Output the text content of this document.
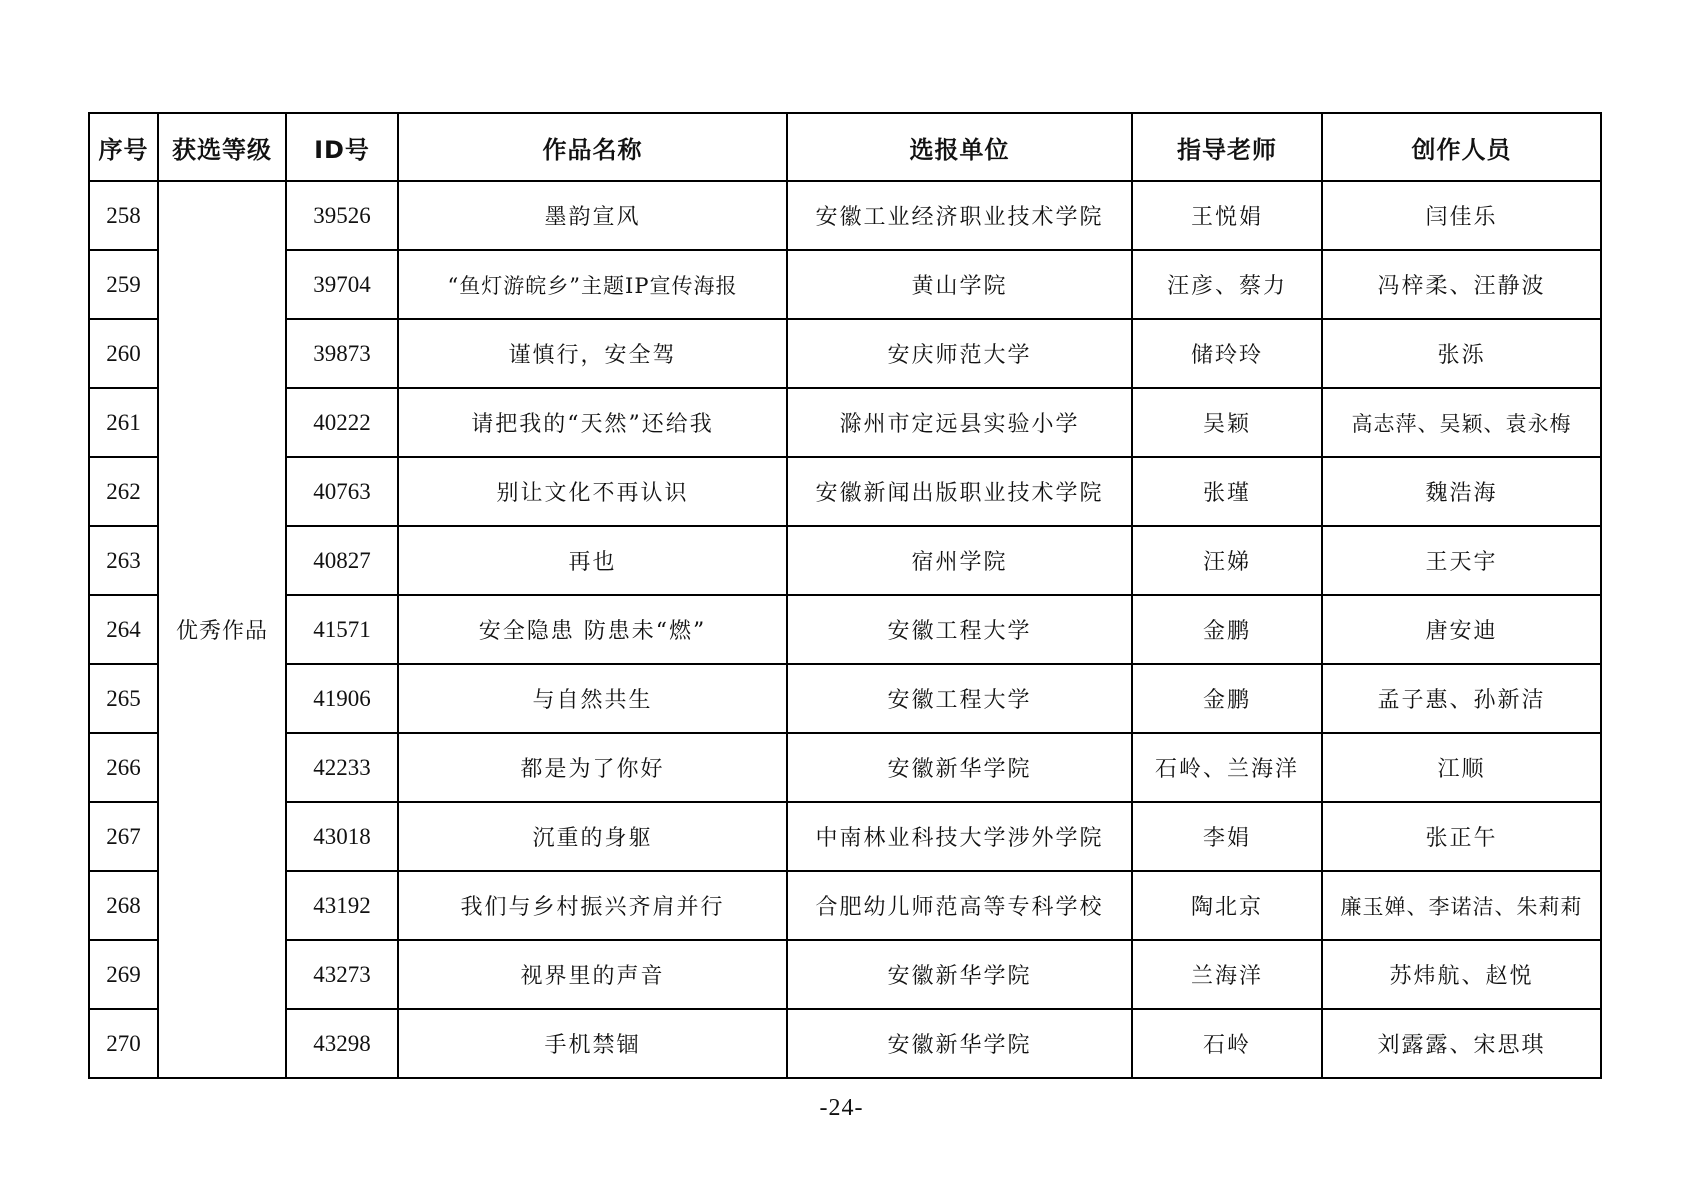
序号	获选等级	ID号	作品名称	选报单位	指导老师	创作人员
258	优秀作品	39526	墨韵宣风	安徽工业经济职业技术学院	王悦娟	闫佳乐
259		39704	“鱼灯游皖乡”主题IP宣传海报	黄山学院	汪彦、蔡力	冯梓柔、汪静波
260		39873	谨慎行，安全驾	安庆师范大学	储玲玲	张泺
261		40222	请把我的“天然”还给我	滁州市定远县实验小学	吴颖	高志萍、吴颖、袁永梅
262		40763	别让文化不再认识	安徽新闻出版职业技术学院	张瑾	魏浩海
263		40827	再也	宿州学院	汪娣	王天宇
264		41571	安全隐患 防患未“燃”	安徽工程大学	金鹏	唐安迪
265		41906	与自然共生	安徽工程大学	金鹏	孟子惠、孙新洁
266		42233	都是为了你好	安徽新华学院	石岭、兰海洋	江顺
267		43018	沉重的身躯	中南林业科技大学涉外学院	李娟	张正午
268		43192	我们与乡村振兴齐肩并行	合肥幼儿师范高等专科学校	陶北京	廉玉婵、李诺洁、朱莉莉
269		43273	视界里的声音	安徽新华学院	兰海洋	苏炜航、赵悦
270		43298	手机禁锢	安徽新华学院	石岭	刘露露、宋思琪
-24-
